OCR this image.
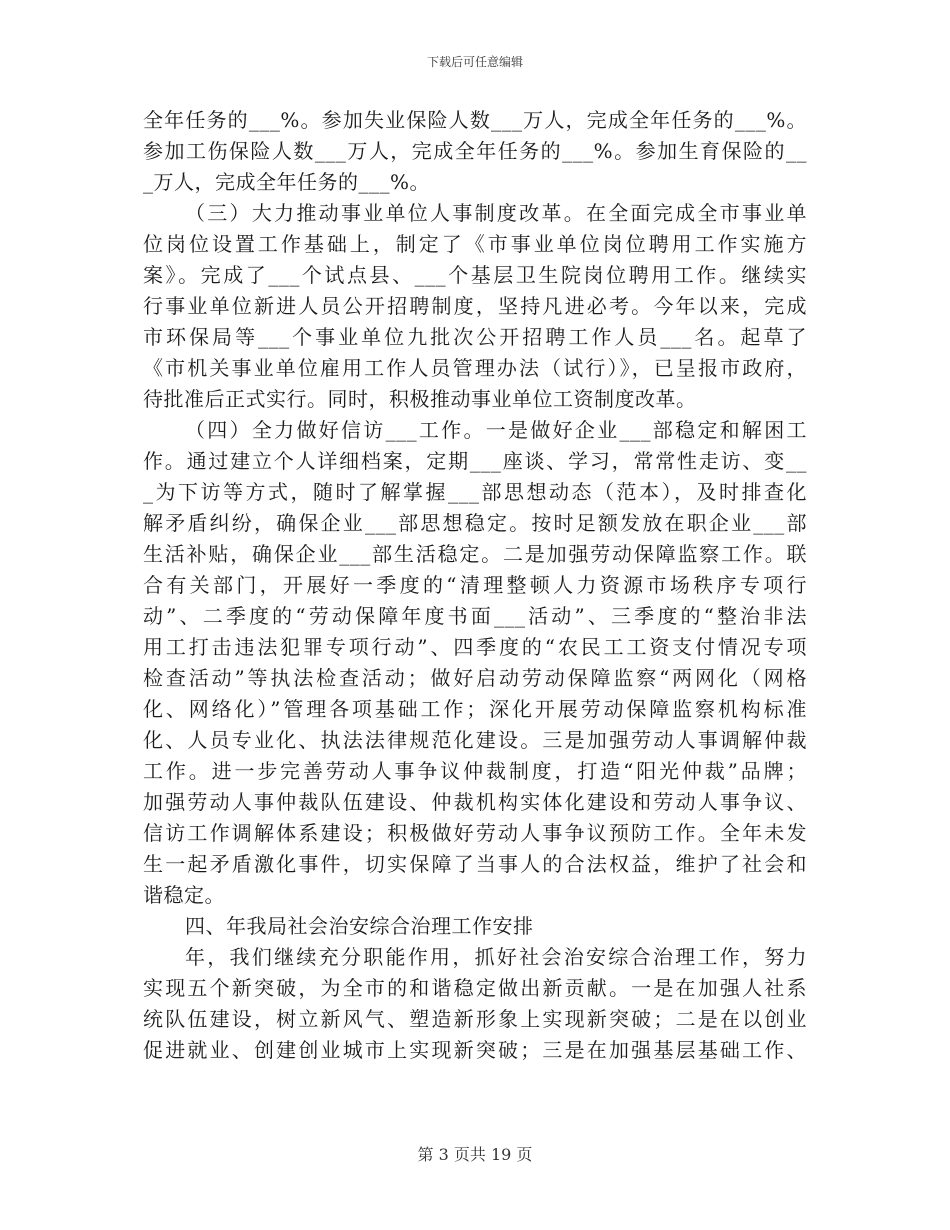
下载后可任意编辑
全年任务的___%。参加失业保险人数___万人，完成全年任务的___%。
参加工伤保险人数___万人，完成全年任务的___%。参加生育保险的__
_万人，完成全年任务的___%。
（三）大力推动事业单位人事制度改革。在全面完成全市事业单
位岗位设置工作基础上，制定了《市事业单位岗位聘用工作实施方
案》。完成了___个试点县、___个基层卫生院岗位聘用工作。继续实
行事业单位新进人员公开招聘制度，坚持凡进必考。今年以来，完成
市环保局等___个事业单位九批次公开招聘工作人员___名。起草了
《市机关事业单位雇用工作人员管理办法（试行）》，已呈报市政府，
待批准后正式实行。同时，积极推动事业单位工资制度改革。
（四）全力做好信访___工作。一是做好企业___部稳定和解困工
作。通过建立个人详细档案，定期___座谈、学习，常常性走访、变__
_为下访等方式，随时了解掌握___部思想动态（范本），及时排查化
解矛盾纠纷，确保企业___部思想稳定。按时足额发放在职企业___部
生活补贴，确保企业___部生活稳定。二是加强劳动保障监察工作。联
合有关部门，开展好一季度的“清理整顿人力资源市场秩序专项行
动”、二季度的“劳动保障年度书面___活动”、三季度的“整治非法
用工打击违法犯罪专项行动”、四季度的“农民工工资支付情况专项
检查活动”等执法检查活动；做好启动劳动保障监察“两网化（网格
化、网络化）”管理各项基础工作；深化开展劳动保障监察机构标准
化、人员专业化、执法法律规范化建设。三是加强劳动人事调解仲裁
工作。进一步完善劳动人事争议仲裁制度，打造“阳光仲裁”品牌；
加强劳动人事仲裁队伍建设、仲裁机构实体化建设和劳动人事争议、
信访工作调解体系建设；积极做好劳动人事争议预防工作。全年未发
生一起矛盾激化事件，切实保障了当事人的合法权益，维护了社会和
谐稳定。
四、年我局社会治安综合治理工作安排
年，我们继续充分职能作用，抓好社会治安综合治理工作，努力
实现五个新突破，为全市的和谐稳定做出新贡献。一是在加强人社系
统队伍建设，树立新风气、塑造新形象上实现新突破；二是在以创业
促进就业、创建创业城市上实现新突破；三是在加强基层基础工作、
第 3 页共 19 页
